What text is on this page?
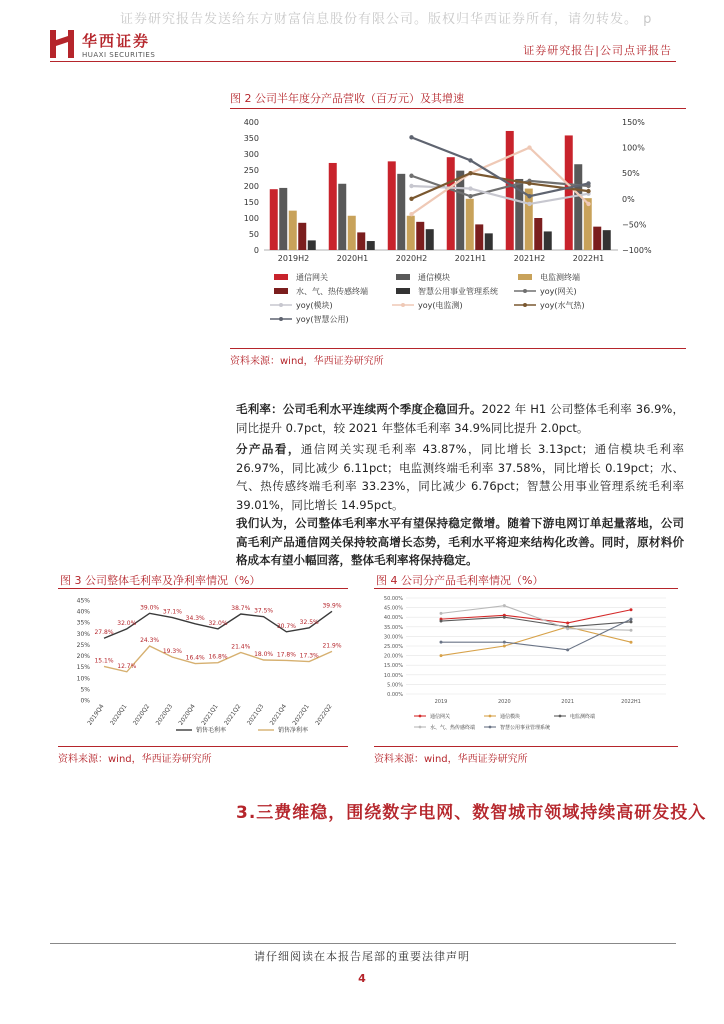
证券研究报告发送给东方财富信息股份有限公司。版权归华西证券所有，请勿转发。 p
华西证券
HUAXI SECURITIES	证券研究报告|公司点评报告
图 2 公司半年度分产品营收（百万元）及其增速
0
50
100
150
200
250
300
350
400
−100%
−50%
0%
50%
100%
150%
2019H2	2020H1	2020H2	2021H1	2021H2	2022H1
通信网关	通信模块	电监测终端
水、气、热传感终端	智慧公用事业管理系统	yoy(网关)
yoy(模块)	yoy(电监测)	yoy(水气热)
yoy(智慧公用)
资料来源：wind，华西证券研究所
毛利率：公司毛利水平连续两个季度企稳回升。2022 年 H1 公司整体毛利率 36.9%，同比提升 0.7pct，较 2021 年整体毛利率 34.9%同比提升 2.0pct。
分产品看，通信网关实现毛利率 43.87%，同比增长 3.13pct；通信模块毛利率 26.97%，同比减少 6.11pct；电监测终端毛利率 37.58%，同比增长 0.19pct；水、气、热传感终端毛利率 33.23%，同比减少 6.76pct；智慧公用事业管理系统毛利率 39.01%，同比增长 14.95pct。
我们认为，公司整体毛利率水平有望保持稳定微增。随着下游电网订单起量落地，公司高毛利产品通信网关保持较高增长态势，毛利水平将迎来结构化改善。同时，原材料价格成本有望小幅回落，整体毛利率将保持稳定。
图 3 公司整体毛利率及净利率情况（%）
0%
5%
10%
15%
20%
25%
30%
35%
40%
45%
2019Q4 2020Q1 2020Q2 2020Q3 2020Q4 2021Q1 2021Q2 2021Q3 2021Q4 2022Q1 2022Q2
27.8%
32.0%
39.0%
37.1%
34.3%
32.0%
38.7% 37.5%
30.7%
32.5%
39.9%
15.1%
12.7%
24.3%
19.3%
16.4% 16.8%
21.4%
18.0% 17.8% 17.3%
21.9%
销售毛利率	销售净利率
资料来源：wind，华西证券研究所
图 4 公司分产品毛利率情况（%）
0.00%
5.00%
10.00%
15.00%
20.00%
25.00%
30.00%
35.00%
40.00%
45.00%
50.00%
2019	2020	2021	2022H1
通信网关	通信模块	电监测终端
水、气、热传感终端	智慧公用事业管理系统
资料来源：wind，华西证券研究所
3.三费维稳，围绕数字电网、数智城市领域持续高研发投入
请仔细阅读在本报告尾部的重要法律声明
4
